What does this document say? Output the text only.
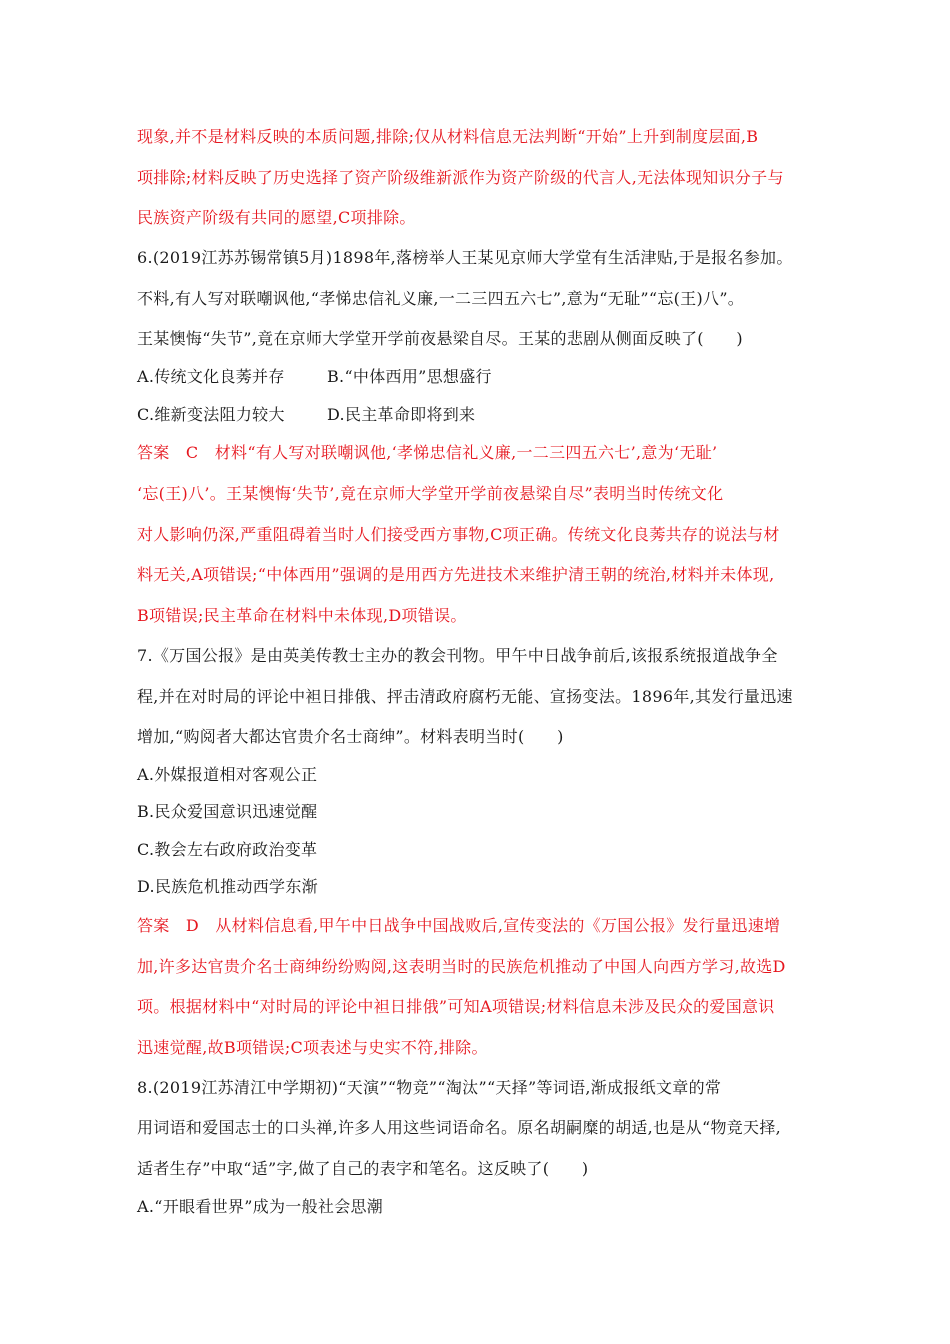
现象,并不是材料反映的本质问题,排除;仅从材料信息无法判断“开始”上升到制度层面,B
项排除;材料反映了历史选择了资产阶级维新派作为资产阶级的代言人,无法体现知识分子与
民族资产阶级有共同的愿望,C项排除。
6.(2019江苏苏锡常镇5月)1898年,落榜举人王某见京师大学堂有生活津贴,于是报名参加。
不料,有人写对联嘲讽他,“孝悌忠信礼义廉,一二三四五六七”,意为“无耻”“忘(王)八”。
王某懊悔“失节”,竟在京师大学堂开学前夜悬梁自尽。王某的悲剧从侧面反映了(　　)
A.传统文化良莠并存	B.“中体西用”思想盛行
C.维新变法阻力较大	D.民主革命即将到来
答案　C　材料“有人写对联嘲讽他,‘孝悌忠信礼义廉,一二三四五六七’,意为‘无耻’
‘忘(王)八’。王某懊悔‘失节’,竟在京师大学堂开学前夜悬梁自尽”表明当时传统文化
对人影响仍深,严重阻碍着当时人们接受西方事物,C项正确。传统文化良莠共存的说法与材
料无关,A项错误;“中体西用”强调的是用西方先进技术来维护清王朝的统治,材料并未体现,
B项错误;民主革命在材料中未体现,D项错误。
7.《万国公报》是由英美传教士主办的教会刊物。甲午中日战争前后,该报系统报道战争全
程,并在对时局的评论中袒日排俄、抨击清政府腐朽无能、宣扬变法。1896年,其发行量迅速
增加,“购阅者大都达官贵介名士商绅”。材料表明当时(　　)
A.外媒报道相对客观公正
B.民众爱国意识迅速觉醒
C.教会左右政府政治变革
D.民族危机推动西学东渐
答案　D　从材料信息看,甲午中日战争中国战败后,宣传变法的《万国公报》发行量迅速增
加,许多达官贵介名士商绅纷纷购阅,这表明当时的民族危机推动了中国人向西方学习,故选D
项。根据材料中“对时局的评论中袒日排俄”可知A项错误;材料信息未涉及民众的爱国意识
迅速觉醒,故B项错误;C项表述与史实不符,排除。
8.(2019江苏清江中学期初)“天演”“物竞”“淘汰”“天择”等词语,渐成报纸文章的常
用词语和爱国志士的口头禅,许多人用这些词语命名。原名胡嗣糜的胡适,也是从“物竞天择,
适者生存”中取“适”字,做了自己的表字和笔名。这反映了(　　)
A.“开眼看世界”成为一般社会思潮
